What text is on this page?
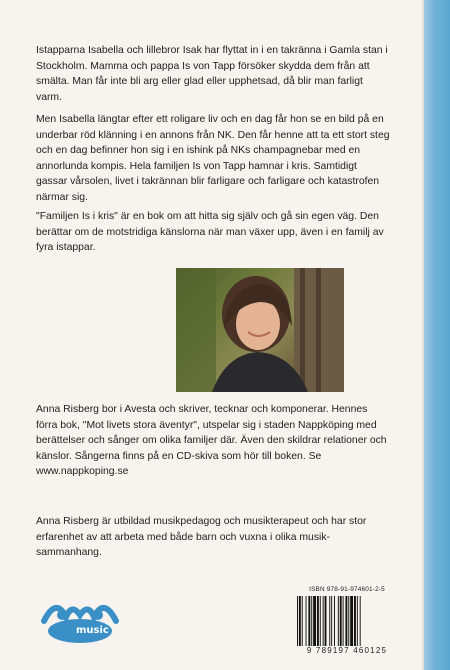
Istapparna Isabella och lillebror Isak har flyttat in i en takränna i Gamla stan i Stockholm. Mamma och pappa Is von Tapp försöker skydda dem från att smälta. Man får inte bli arg eller glad eller upphetsad, då blir man farligt varm.

Men Isabella längtar efter ett roligare liv och en dag får hon se en bild på en underbar röd klänning i en annons från NK. Den får henne att ta ett stort steg och en dag befinner hon sig i en ishink på NKs champagnebar med en annorlunda kompis. Hela familjen Is von Tapp hamnar i kris. Samtidigt gassar vårsolen, livet i takrännan blir farligare och farligare och katastrofen närmar sig.

"Familjen Is i kris" är en bok om att hitta sig själv och gå sin egen väg. Den berättar om de motstridiga känslorna när man växer upp, även i en familj av fyra istappar.

Anna Risberg bor i Avesta och skriver, tecknar och komponerar. Hennes förra bok, "Mot livets stora äventyr", utspelar sig i staden Nappköping med berättelser och sånger om olika familjer där. Även den skildrar relationer och känslor. Sångerna finns på en CD-skiva som hör till boken. Se www.nappkoping.se

Anna Risberg är utbildad musikpedagog och musikterapeut och har stor erfarenhet av att arbeta med både barn och vuxna i olika musik-sammanhang.

music
ISBN 978-91-974601-2-5
9 789197 460125
